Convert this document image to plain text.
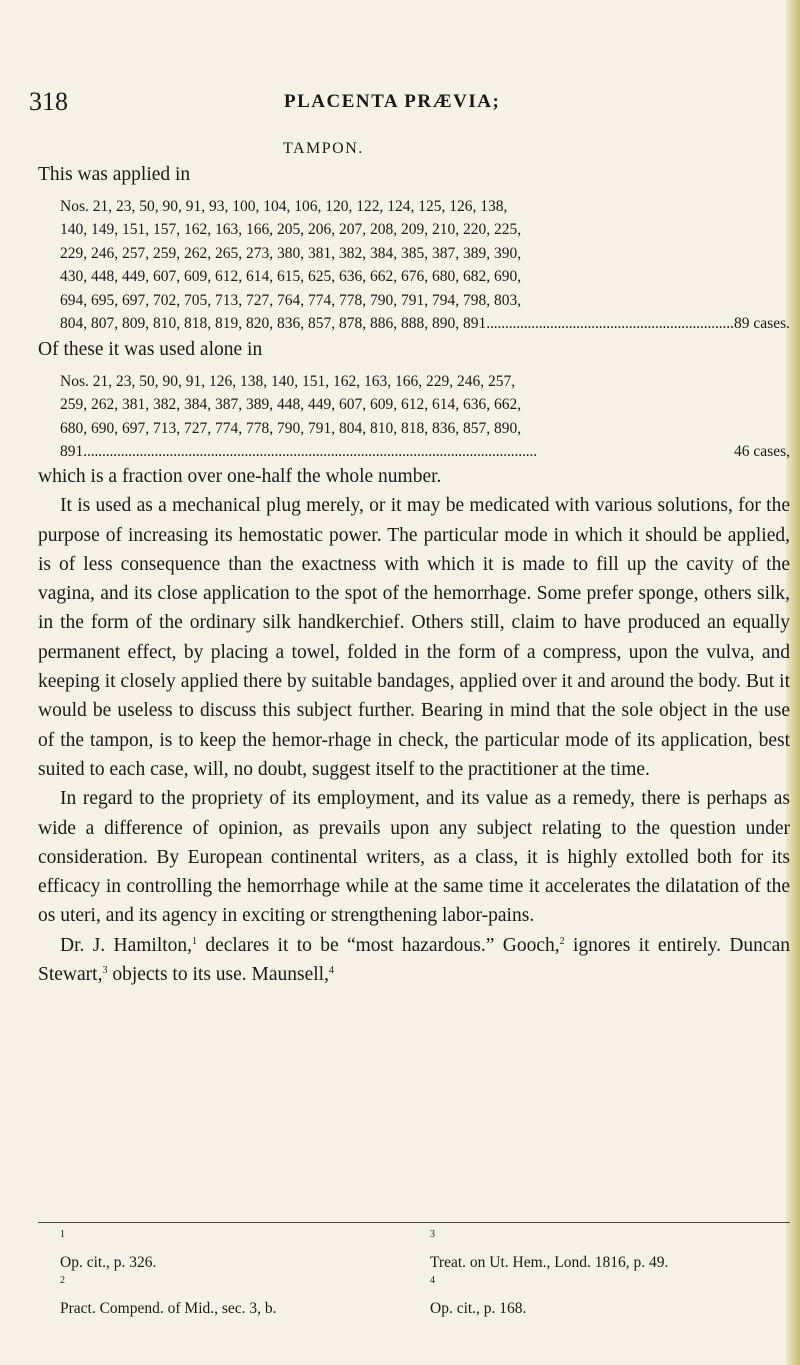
318	PLACENTA PRÆVIA;
TAMPON.

This was applied in

Nos. 21, 23, 50, 90, 91, 93, 100, 104, 106, 120, 122, 124, 125, 126, 138,
140, 149, 151, 157, 162, 163, 166, 205, 206, 207, 208, 209, 210, 220, 225,
229, 246, 257, 259, 262, 265, 273, 380, 381, 382, 384, 385, 387, 389, 390,
430, 448, 449, 607, 609, 612, 614, 615, 625, 636, 662, 676, 680, 682, 690,
694, 695, 697, 702, 705, 713, 727, 764, 774, 778, 790, 791, 794, 798, 803,
804, 807, 809, 810, 818, 819, 820, 836, 857, 878, 886, 888, 890, 891 . . .	89 cases.

Of these it was used alone in

Nos. 21, 23, 50, 90, 91, 126, 138, 140, 151, 162, 163, 166, 229, 246, 257,
259, 262, 381, 382, 384, 387, 389, 448, 449, 607, 609, 612, 614, 636, 662,
680, 690, 697, 713, 727, 774, 778, 790, 791, 804, 810, 818, 836, 857, 890,
891 . . .	46 cases,

which is a fraction over one-half the whole number.

It is used as a mechanical plug merely, or it may be medicated with various solutions, for the purpose of increasing its hemostatic power. The particular mode in which it should be applied, is of less consequence than the exactness with which it is made to fill up the cavity of the vagina, and its close application to the spot of the hemorrhage. Some prefer sponge, others silk, in the form of the ordinary silk handkerchief. Others still, claim to have produced an equally permanent effect, by placing a towel, folded in the form of a compress, upon the vulva, and keeping it closely applied there by suitable bandages, applied over it and around the body. But it would be useless to discuss this subject further. Bearing in mind that the sole object in the use of the tampon, is to keep the hemor-rhage in check, the particular mode of its application, best suited to each case, will, no doubt, suggest itself to the practitioner at the time.

In regard to the propriety of its employment, and its value as a remedy, there is perhaps as wide a difference of opinion, as prevails upon any subject relating to the question under consideration. By European continental writers, as a class, it is highly extolled both for its efficacy in controlling the hemorrhage while at the same time it accelerates the dilatation of the os uteri, and its agency in exciting or strengthening labor-pains.

Dr. J. Hamilton,$^1$ declares it to be “most hazardous.” Gooch,$^2$ ignores it entirely. Duncan Stewart,$^3$ objects to its use. Maunsell,$^4$

$^1$
Op. cit., p. 326.
$^3$
Treat. on Ut. Hem., Lond. 1816, p. 49.
$^2$
Pract. Compend. of Mid., sec. 3, b.
$^4$
Op. cit., p. 168.
